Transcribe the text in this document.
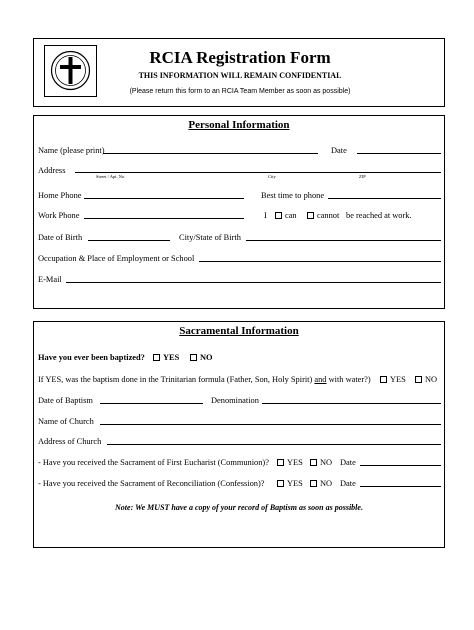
RCIA Registration Form
THIS INFORMATION WILL REMAIN CONFIDENTIAL
(Please return this form to an RCIA Team Member as soon as possible)
Personal Information
Name (please print)	Date
Address
Street / Apt. No.	City	ZIP
Home Phone	Best time to phone
Work Phone	I can cannot be reached at work.
Date of Birth	City/State of Birth
Occupation & Place of Employment or School
E-Mail
Sacramental Information
Have you ever been baptized? YES NO
If YES, was the baptism done in the Trinitarian formula (Father, Son, Holy Spirit) and with water?) YES NO
Date of Baptism	Denomination
Name of Church
Address of Church
- Have you received the Sacrament of First Eucharist (Communion)? YES NO Date
- Have you received the Sacrament of Reconciliation (Confession)?	YES NO Date
Note: We MUST have a copy of your record of Baptism as soon as possible.
